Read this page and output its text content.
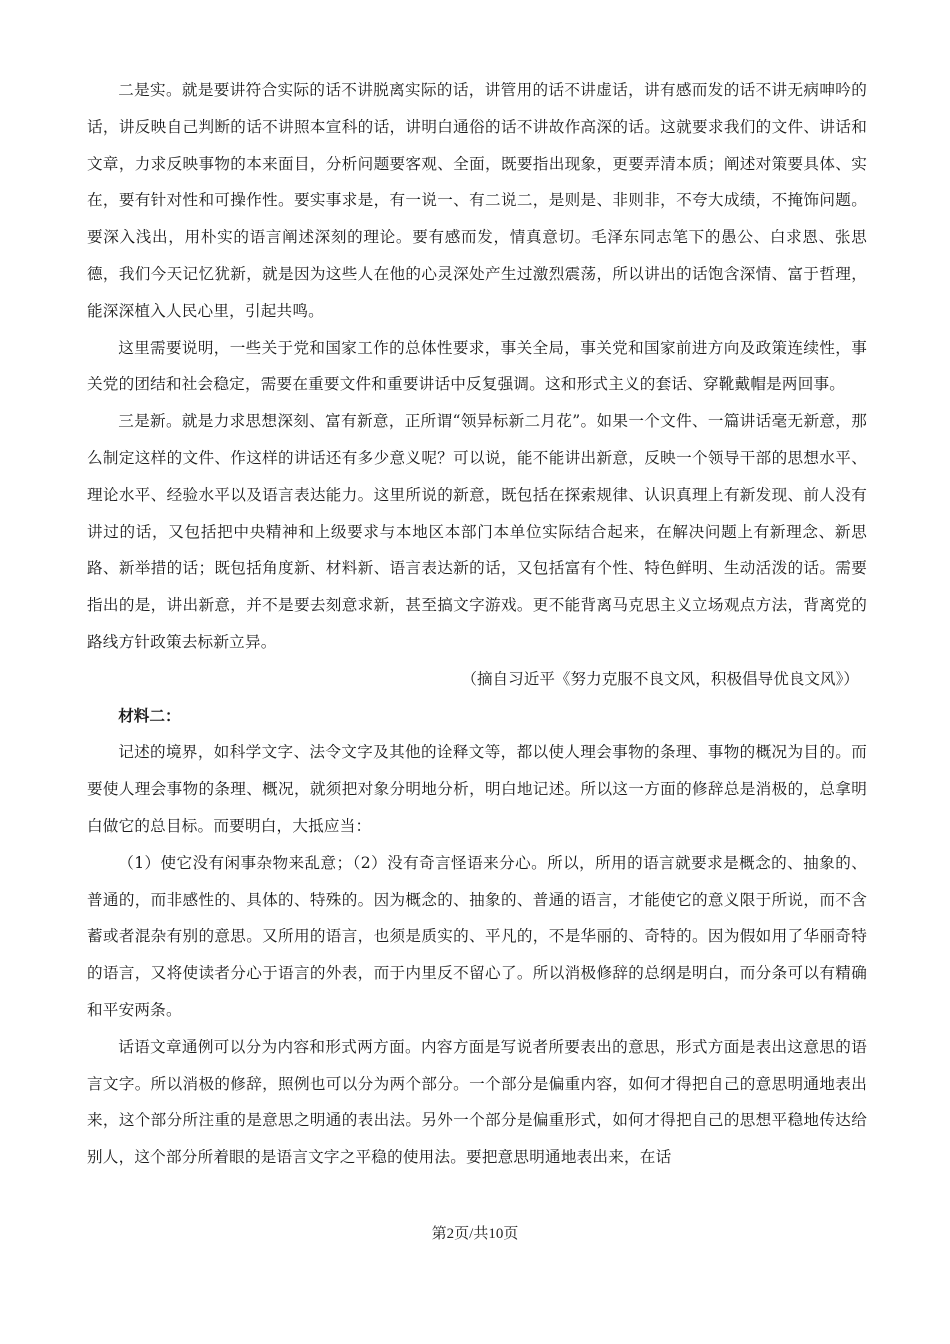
二是实。就是要讲符合实际的话不讲脱离实际的话，讲管用的话不讲虚话，讲有感而发的话不讲无病呻吟的话，讲反映自己判断的话不讲照本宣科的话，讲明白通俗的话不讲故作高深的话。这就要求我们的文件、讲话和文章，力求反映事物的本来面目，分析问题要客观、全面，既要指出现象，更要弄清本质；阐述对策要具体、实在，要有针对性和可操作性。要实事求是，有一说一、有二说二，是则是、非则非，不夸大成绩，不掩饰问题。要深入浅出，用朴实的语言阐述深刻的理论。要有感而发，情真意切。毛泽东同志笔下的愚公、白求恩、张思德，我们今天记忆犹新，就是因为这些人在他的心灵深处产生过激烈震荡，所以讲出的话饱含深情、富于哲理，能深深植入人民心里，引起共鸣。

这里需要说明，一些关于党和国家工作的总体性要求，事关全局，事关党和国家前进方向及政策连续性，事关党的团结和社会稳定，需要在重要文件和重要讲话中反复强调。这和形式主义的套话、穿靴戴帽是两回事。

三是新。就是力求思想深刻、富有新意，正所谓“领异标新二月花”。如果一个文件、一篇讲话毫无新意，那么制定这样的文件、作这样的讲话还有多少意义呢？可以说，能不能讲出新意，反映一个领导干部的思想水平、理论水平、经验水平以及语言表达能力。这里所说的新意，既包括在探索规律、认识真理上有新发现、前人没有讲过的话，又包括把中央精神和上级要求与本地区本部门本单位实际结合起来，在解决问题上有新理念、新思路、新举措的话；既包括角度新、材料新、语言表达新的话，又包括富有个性、特色鲜明、生动活泼的话。需要指出的是，讲出新意，并不是要去刻意求新，甚至搞文字游戏。更不能背离马克思主义立场观点方法，背离党的路线方针政策去标新立异。

（摘自习近平《努力克服不良文风，积极倡导优良文风》）

材料二：

记述的境界，如科学文字、法令文字及其他的诠释文等，都以使人理会事物的条理、事物的概况为目的。而要使人理会事物的条理、概况，就须把对象分明地分析，明白地记述。所以这一方面的修辞总是消极的，总拿明白做它的总目标。而要明白，大抵应当：

（1）使它没有闲事杂物来乱意；（2）没有奇言怪语来分心。所以，所用的语言就要求是概念的、抽象的、普通的，而非感性的、具体的、特殊的。因为概念的、抽象的、普通的语言，才能使它的意义限于所说，而不含蓄或者混杂有别的意思。又所用的语言，也须是质实的、平凡的，不是华丽的、奇特的。因为假如用了华丽奇特的语言，又将使读者分心于语言的外表，而于内里反不留心了。所以消极修辞的总纲是明白，而分条可以有精确和平安两条。

话语文章通例可以分为内容和形式两方面。内容方面是写说者所要表出的意思，形式方面是表出这意思的语言文字。所以消极的修辞，照例也可以分为两个部分。一个部分是偏重内容，如何才得把自己的意思明通地表出来，这个部分所注重的是意思之明通的表出法。另外一个部分是偏重形式，如何才得把自己的思想平稳地传达给别人，这个部分所着眼的是语言文字之平稳的使用法。要把意思明通地表出来，在话

第2页/共10页
